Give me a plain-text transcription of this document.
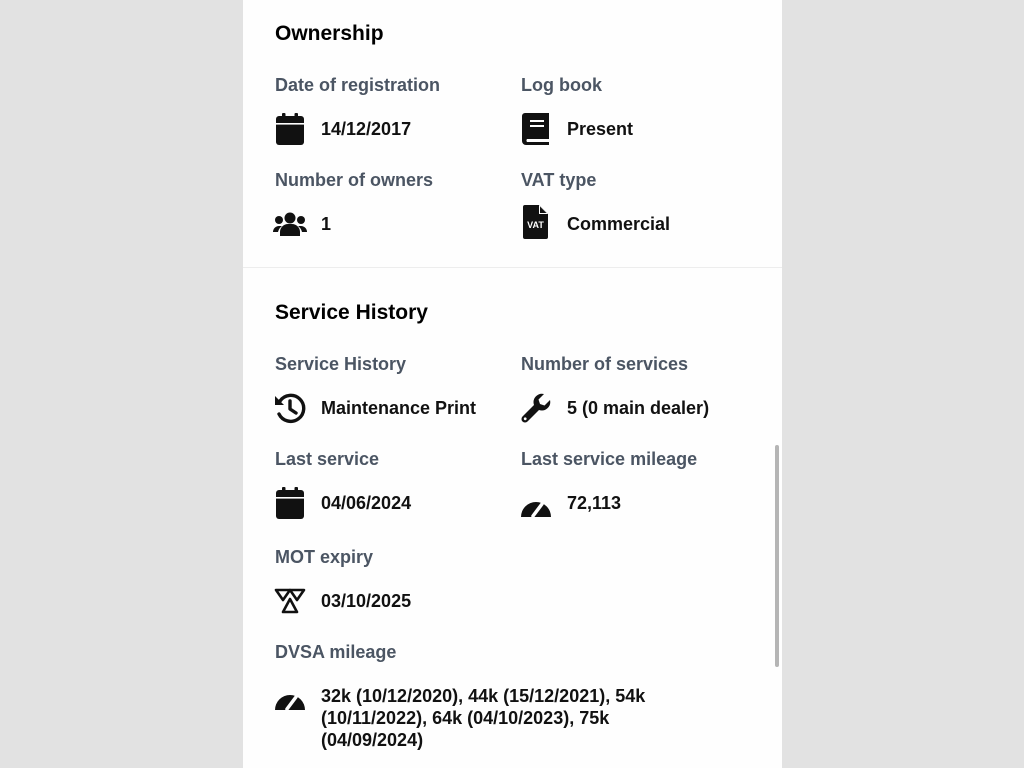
Ownership
Date of registration
14/12/2017
Log book
Present
Number of owners
1
VAT type
VAT Commercial
Service History
Service History
Maintenance Print
Number of services
5 (0 main dealer)
Last service
04/06/2024
Last service mileage
72,113
MOT expiry
03/10/2025
DVSA mileage
32k (10/12/2020), 44k (15/12/2021), 54k (10/11/2022), 64k (04/10/2023), 75k (04/09/2024)
